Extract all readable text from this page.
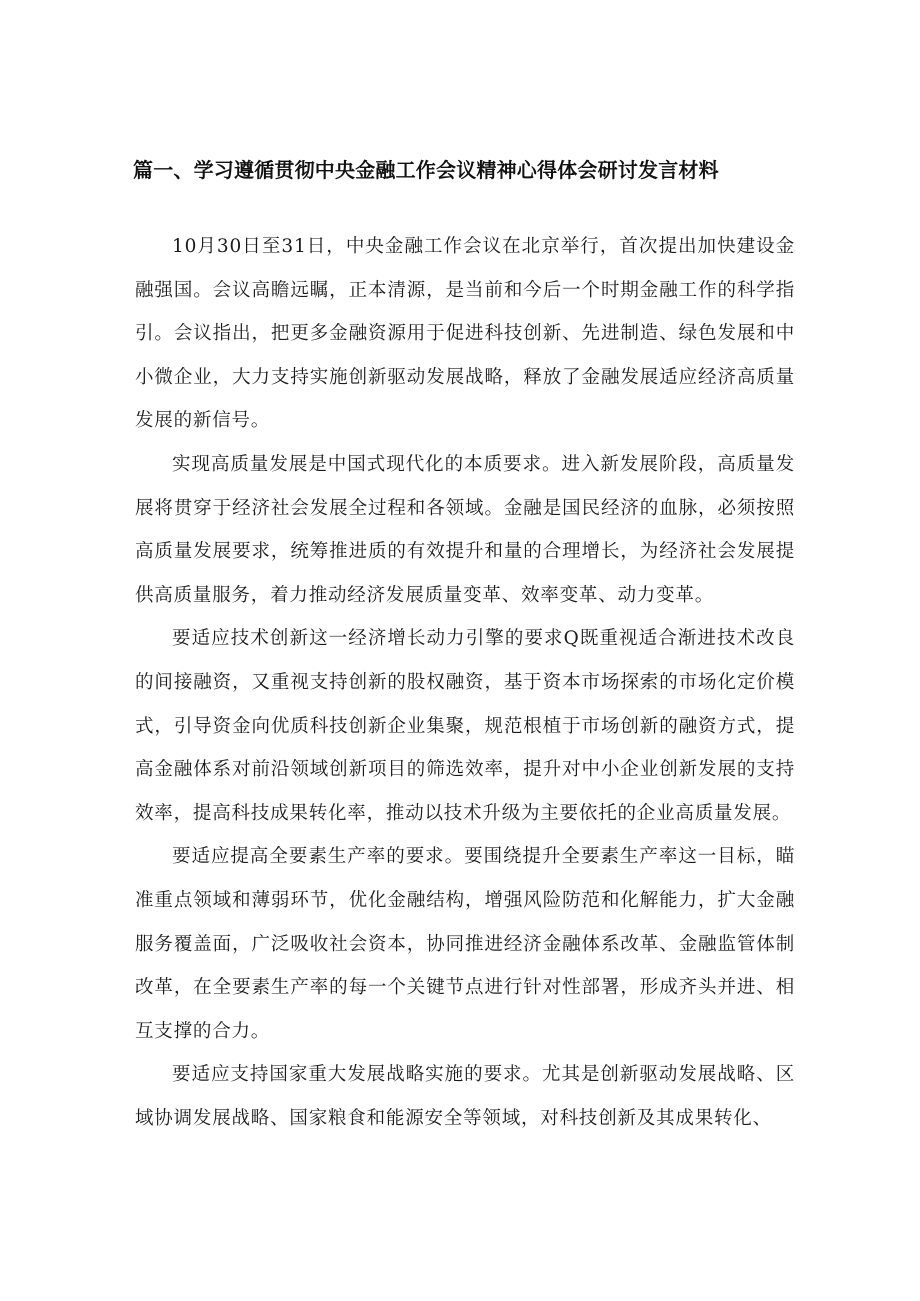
篇一、学习遵循贯彻中央金融工作会议精神心得体会研讨发言材料

10月30日至31日，中央金融工作会议在北京举行，首次提出加快建设金融强国。会议高瞻远瞩，正本清源，是当前和今后一个时期金融工作的科学指引。会议指出，把更多金融资源用于促进科技创新、先进制造、绿色发展和中小微企业，大力支持实施创新驱动发展战略，释放了金融发展适应经济高质量发展的新信号。

实现高质量发展是中国式现代化的本质要求。进入新发展阶段，高质量发展将贯穿于经济社会发展全过程和各领域。金融是国民经济的血脉，必须按照高质量发展要求，统筹推进质的有效提升和量的合理增长，为经济社会发展提供高质量服务，着力推动经济发展质量变革、效率变革、动力变革。

要适应技术创新这一经济增长动力引擎的要求Q既重视适合渐进技术改良的间接融资，又重视支持创新的股权融资，基于资本市场探索的市场化定价模式，引导资金向优质科技创新企业集聚，规范根植于市场创新的融资方式，提高金融体系对前沿领域创新项目的筛选效率，提升对中小企业创新发展的支持效率，提高科技成果转化率，推动以技术升级为主要依托的企业高质量发展。

要适应提高全要素生产率的要求。要围绕提升全要素生产率这一目标，瞄准重点领域和薄弱环节，优化金融结构，增强风险防范和化解能力，扩大金融服务覆盖面，广泛吸收社会资本，协同推进经济金融体系改革、金融监管体制改革，在全要素生产率的每一个关键节点进行针对性部署，形成齐头并进、相互支撑的合力。

要适应支持国家重大发展战略实施的要求。尤其是创新驱动发展战略、区域协调发展战略、国家粮食和能源安全等领域，对科技创新及其成果转化、
